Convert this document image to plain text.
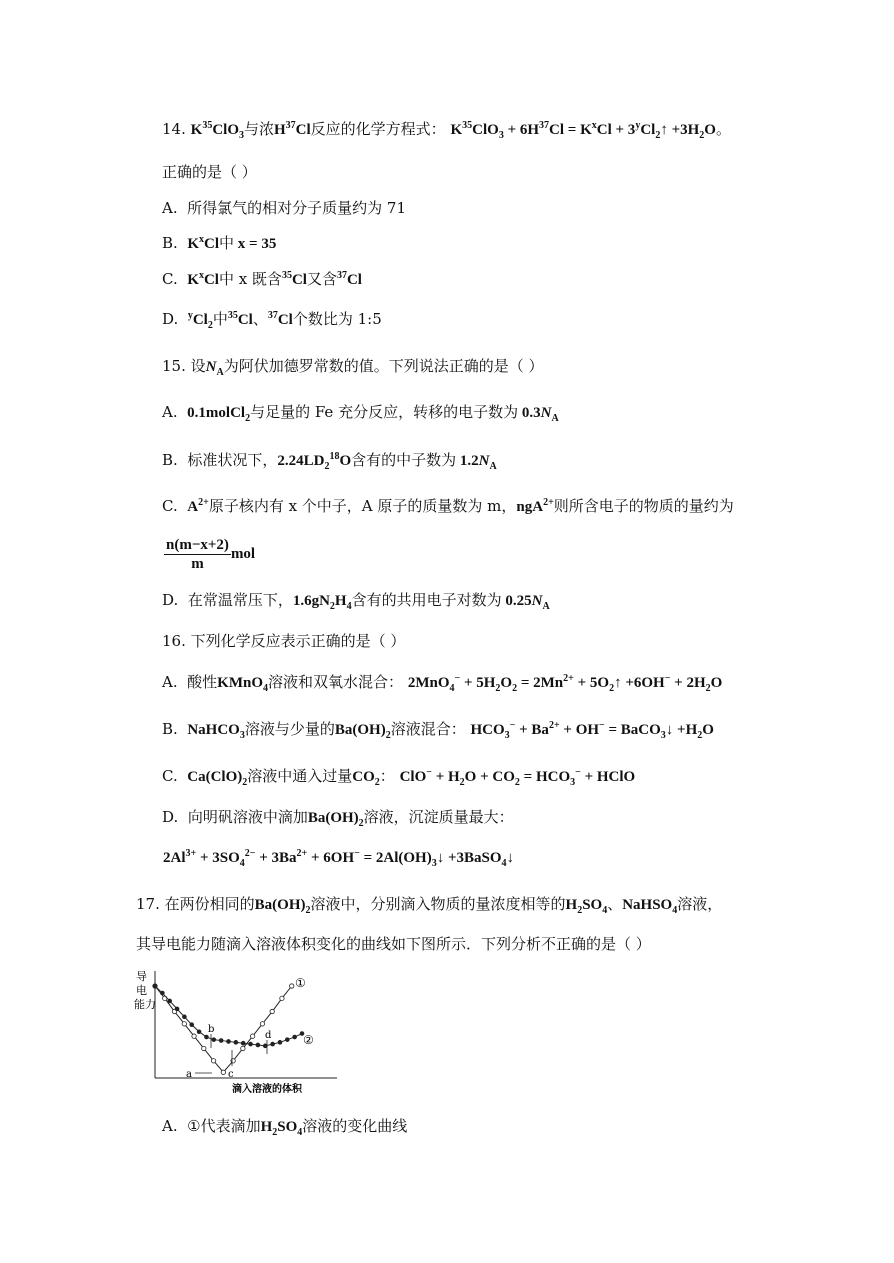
14. $K^{35}ClO_3$与浓$H^{37}Cl$反应的化学方程式： $K^{35}ClO_3 + 6H^{37}Cl = K^xCl$ + $3^yCl_2↑ +3H_2O$。
正确的是（ ）
A. 所得氯气的相对分子质量约为 71
B. $K^xCl$中 x = 35
C. $K^xCl$中 x 既含$^{35}$Cl又含$^{37}$Cl
D. $^yCl_2$中$^{35}$Cl、$^{37}$Cl个数比为 1:5
15. 设$N_A$为阿伏加德罗常数的值。下列说法正确的是（ ）
A. 0.1molCl$_2$与足量的 Fe 充分反应，转移的电子数为 $0.3N_A$
B. 标准状况下，$2.24LD_2^{18}O$含有的中子数为 $1.2N_A$
C. $A^{2+}$原子核内有 x 个中子，A 原子的质量数为 m，ngA$^{2+}$则所含电子的物质的量约为
$\frac{n(m-x+2)}{m}$ mol
D. 在常温常压下，$1.6gN_2H_4$含有的共用电子对数为 $0.25N_A$
16. 下列化学反应表示正确的是（ ）
A. 酸性KMnO$_4$溶液和双氧水混合： $2MnO_4^- + 5H_2O_2 = 2Mn^{2+}$ + $5O_2↑ +6OH^- + 2H_2O$
B. NaHCO$_3$溶液与少量的$Ba(OH)_2$溶液混合： $HCO_3^- + Ba^{2+} + OH^-$ = BaCO$_3$↓ $+H_2O$
C. $Ca(ClO)_2$溶液中通入过量$CO_2$： $ClO^- + H_2O + CO_2 = HCO_3^-$ + HClO
D. 向明矾溶液中滴加$Ba(OH)_2$溶液，沉淀质量最大：
$2Al^{3+} + 3SO_4^{2-} + 3Ba^{2+} + 6OH^-$ = $2Al(OH)_3↓$ +3BaSO$_4$↓
17. 在两份相同的$Ba(OH)_2$溶液中，分别滴入物质的量浓度相等的$H_2SO_4$、NaHSO$_4$溶液，
其导电能力随滴入溶液体积变化的曲线如下图所示．下列分析不正确的是（ ）
导
电
能力
滴入溶液的体积
①
②
a
b
c
d
A. ①代表滴加$H_2SO_4$溶液的变化曲线
